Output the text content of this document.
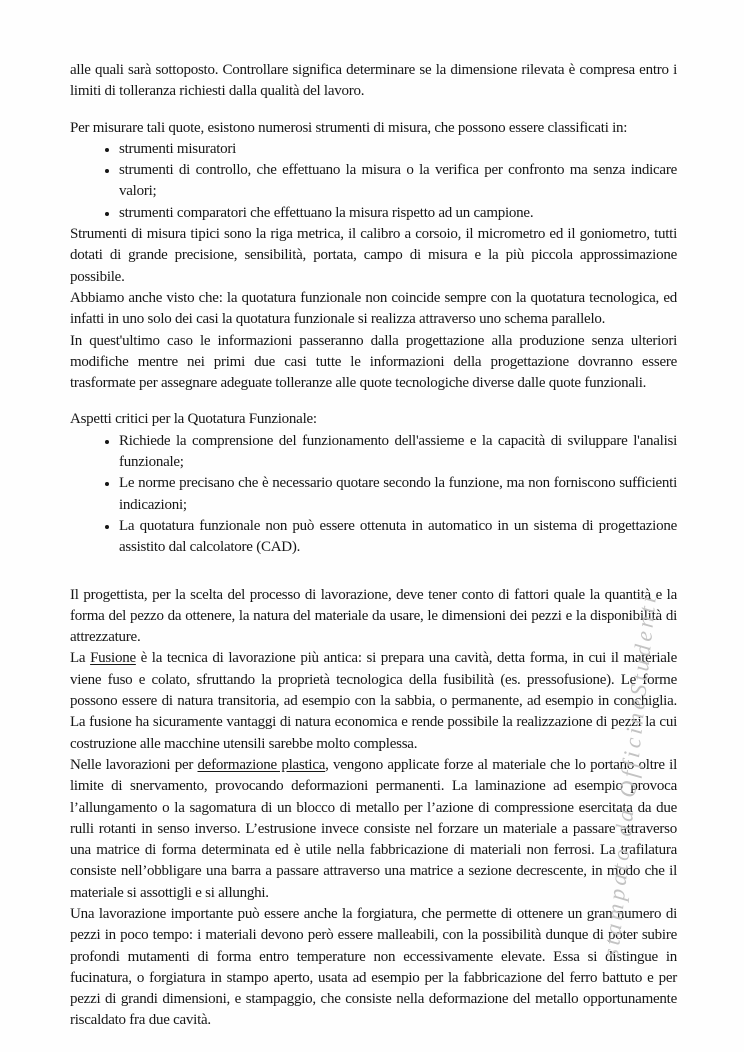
alle quali sarà sottoposto. Controllare significa determinare se la dimensione rilevata è compresa entro i limiti di tolleranza richiesti dalla qualità del lavoro.

Per misurare tali quote, esistono numerosi strumenti di misura, che possono essere classificati in:

• strumenti misuratori
• strumenti di controllo, che effettuano la misura o la verifica per confronto ma senza indicare valori;
• strumenti comparatori che effettuano la misura rispetto ad un campione.

Strumenti di misura tipici sono la riga metrica, il calibro a corsoio, il micrometro ed il goniometro, tutti dotati di grande precisione, sensibilità, portata, campo di misura e la più piccola approssimazione possibile.

Abbiamo anche visto che: la quotatura funzionale non coincide sempre con la quotatura tecnologica, ed infatti in uno solo dei casi la quotatura funzionale si realizza attraverso uno schema parallelo.

In quest'ultimo caso le informazioni passeranno dalla progettazione alla produzione senza ulteriori modifiche mentre nei primi due casi tutte le informazioni della progettazione dovranno essere trasformate per assegnare adeguate tolleranze alle quote tecnologiche diverse dalle quote funzionali.

Aspetti critici per la Quotatura Funzionale:

• Richiede la comprensione del funzionamento dell'assieme e la capacità di sviluppare l'analisi funzionale;
• Le norme precisano che è necessario quotare secondo la funzione, ma non forniscono sufficienti indicazioni;
• La quotatura funzionale non può essere ottenuta in automatico in un sistema di progettazione assistito dal calcolatore (CAD).

Il progettista, per la scelta del processo di lavorazione, deve tener conto di fattori quale la quantità e la forma del pezzo da ottenere, la natura del materiale da usare, le dimensioni dei pezzi e la disponibilità di attrezzature.

La Fusione è la tecnica di lavorazione più antica: si prepara una cavità, detta forma, in cui il materiale viene fuso e colato, sfruttando la proprietà tecnologica della fusibilità (es. pressofusione). Le forme possono essere di natura transitoria, ad esempio con la sabbia, o permanente, ad esempio in conchiglia. La fusione ha sicuramente vantaggi di natura economica e rende possibile la realizzazione di pezzi la cui costruzione alle macchine utensili sarebbe molto complessa.

Nelle lavorazioni per deformazione plastica, vengono applicate forze al materiale che lo portano oltre il limite di snervamento, provocando deformazioni permanenti. La laminazione ad esempio provoca l’allungamento o la sagomatura di un blocco di metallo per l’azione di compressione esercitata da due rulli rotanti in senso inverso. L’estrusione invece consiste nel forzare un materiale a passare attraverso una matrice di forma determinata ed è utile nella fabbricazione di materiali non ferrosi. La trafilatura consiste nell’obbligare una barra a passare attraverso una matrice a sezione decrescente, in modo che il materiale si assottigli e si allunghi.

Una lavorazione importante può essere anche la forgiatura, che permette di ottenere un gran numero di pezzi in poco tempo: i materiali devono però essere malleabili, con la possibilità dunque di poter subire profondi mutamenti di forma entro temperature non eccessivamente elevate. Essa si distingue in fucinatura, o forgiatura in stampo aperto, usata ad esempio per la fabbricazione del ferro battuto e per pezzi di grandi dimensioni, e stampaggio, che consiste nella deformazione del metallo opportunamente riscaldato fra due cavità.

stampato da OfficineStudenti
